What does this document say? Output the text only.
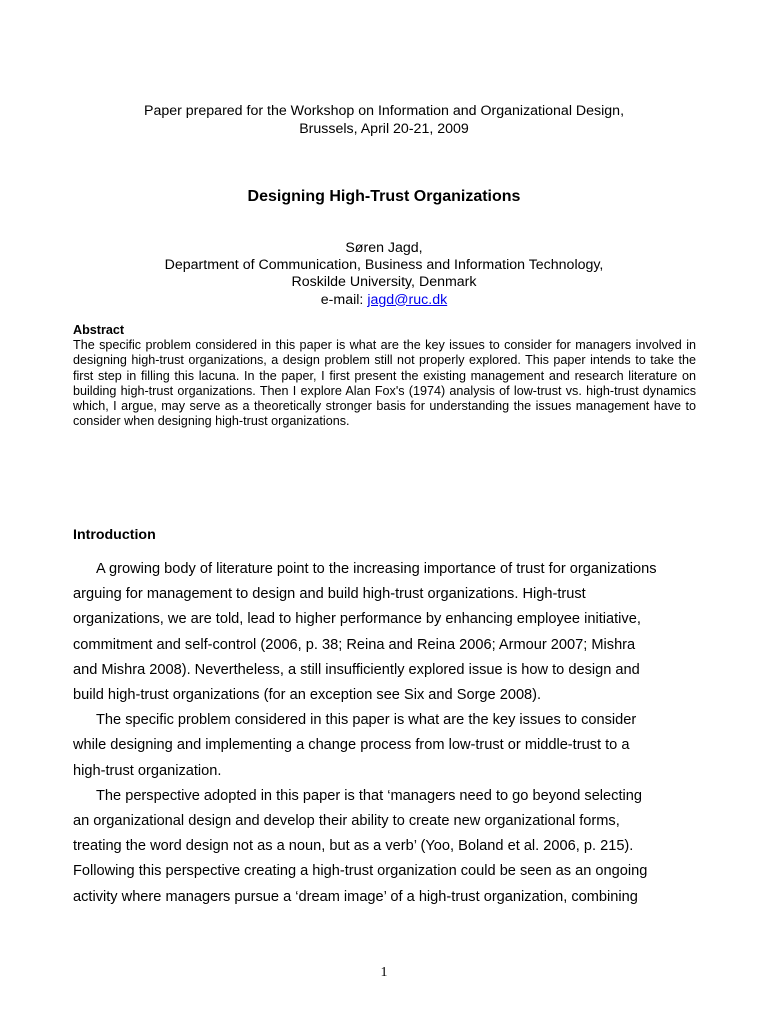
Paper prepared for the Workshop on Information and Organizational Design,
Brussels, April 20-21, 2009
Designing High-Trust Organizations
Søren Jagd,
Department of Communication, Business and Information Technology,
Roskilde University, Denmark
e-mail: jagd@ruc.dk
Abstract
The specific problem considered in this paper is what are the key issues to consider for managers involved in designing high-trust organizations, a design problem still not properly explored. This paper intends to take the first step in filling this lacuna. In the paper, I first present the existing management and research literature on building high-trust organizations. Then I explore Alan Fox's (1974) analysis of low-trust vs. high-trust dynamics which, I argue, may serve as a theoretically stronger basis for understanding the issues management have to consider when designing high-trust organizations.
Introduction

A growing body of literature point to the increasing importance of trust for organizations
arguing for management to design and build high-trust organizations. High-trust
organizations, we are told, lead to higher performance by enhancing employee initiative,
commitment and self-control (2006, p. 38; Reina and Reina 2006; Armour 2007; Mishra
and Mishra 2008). Nevertheless, a still insufficiently explored issue is how to design and
build high-trust organizations (for an exception see Six and Sorge 2008).

The specific problem considered in this paper is what are the key issues to consider
while designing and implementing a change process from low-trust or middle-trust to a
high-trust organization.

The perspective adopted in this paper is that ‘managers need to go beyond selecting
an organizational design and develop their ability to create new organizational forms,
treating the word design not as a noun, but as a verb’ (Yoo, Boland et al. 2006, p. 215).
Following this perspective creating a high-trust organization could be seen as an ongoing
activity where managers pursue a ‘dream image’ of a high-trust organization, combining

1
